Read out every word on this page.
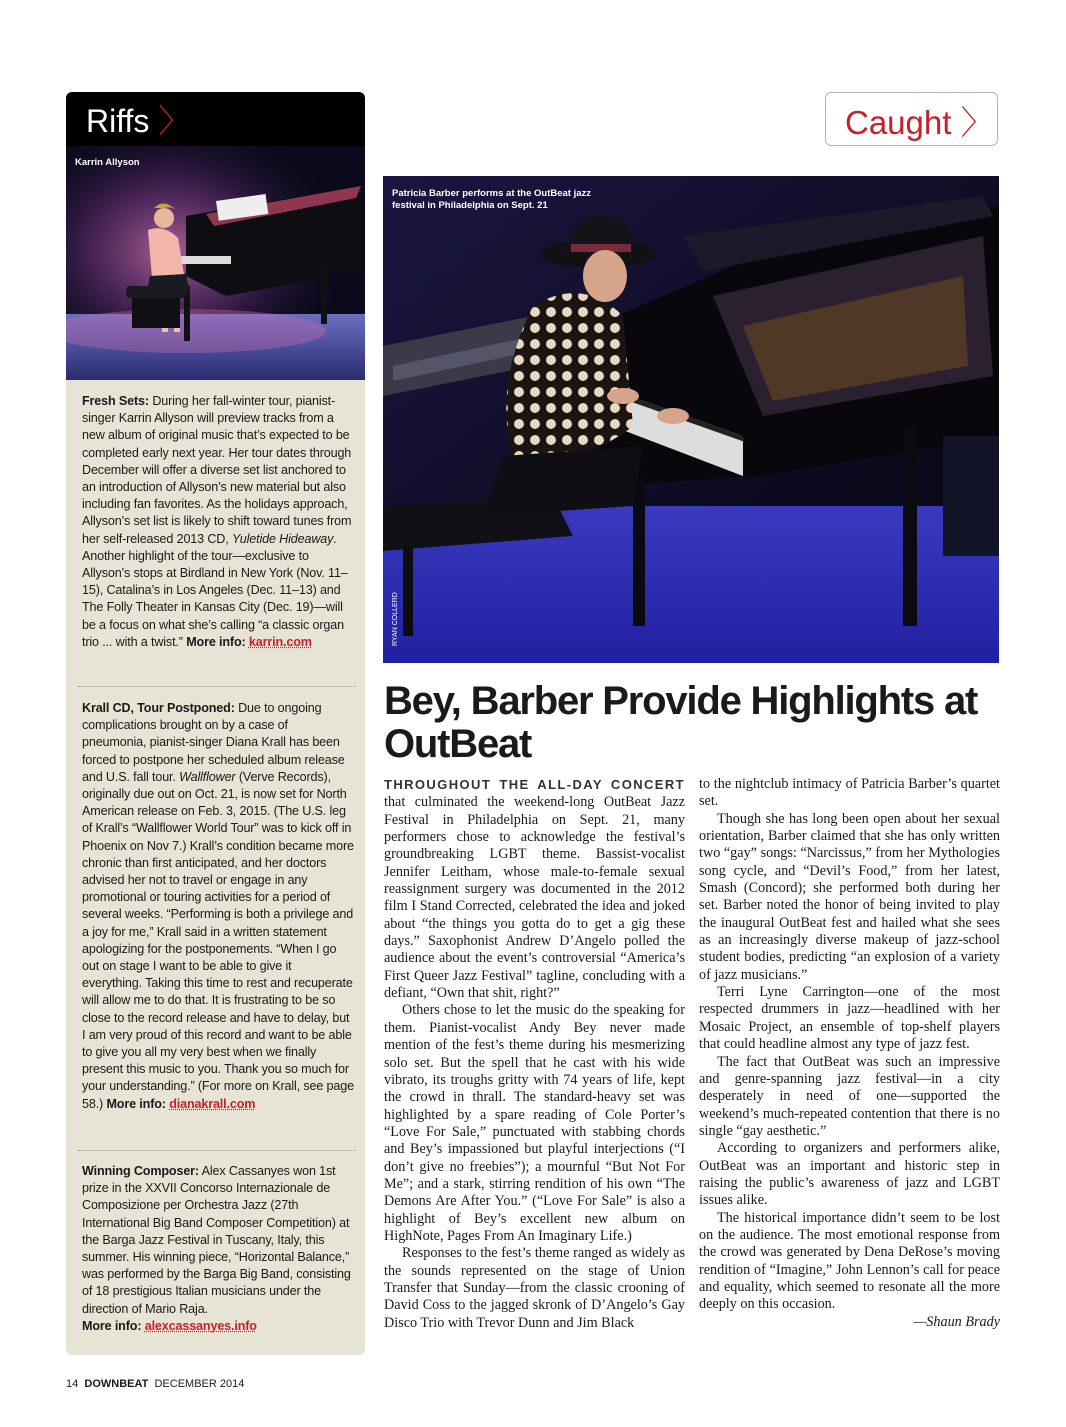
Riffs 〉
Karrin Allyson
Fresh Sets: During her fall-winter tour, pianist-singer Karrin Allyson will preview tracks from a new album of original music that’s expected to be completed early next year. Her tour dates through December will offer a diverse set list anchored to an introduction of Allyson’s new material but also including fan favorites. As the holidays approach, Allyson’s set list is likely to shift toward tunes from her self-released 2013 CD, Yuletide Hideaway. Another highlight of the tour—exclusive to Allyson’s stops at Birdland in New York (Nov. 11–15), Catalina’s in Los Angeles (Dec. 11–13) and The Folly Theater in Kansas City (Dec. 19)—will be a focus on what she’s calling “a classic organ trio ... with a twist.” More info: karrin.com
Krall CD, Tour Postponed: Due to ongoing complications brought on by a case of pneumonia, pianist-singer Diana Krall has been forced to postpone her scheduled album release and U.S. fall tour. Wallflower (Verve Records), originally due out on Oct. 21, is now set for North American release on Feb. 3, 2015. (The U.S. leg of Krall’s “Wallflower World Tour” was to kick off in Phoenix on Nov 7.) Krall’s condition became more chronic than first anticipated, and her doctors advised her not to travel or engage in any promotional or touring activities for a period of several weeks. “Performing is both a privilege and a joy for me,” Krall said in a written statement apologizing for the postponements. “When I go out on stage I want to be able to give it everything. Taking this time to rest and recuperate will allow me to do that. It is frustrating to be so close to the record release and have to delay, but I am very proud of this record and want to be able to give you all my very best when we finally present this music to you. Thank you so much for your understanding.” (For more on Krall, see page 58.) More info: dianakrall.com
Winning Composer: Alex Cassanyes won 1st prize in the XXVII Concorso Internazionale de Composizione per Orchestra Jazz (27th International Big Band Composer Competition) at the Barga Jazz Festival in Tuscany, Italy, this summer. His winning piece, “Horizontal Balance,” was performed by the Barga Big Band, consisting of 18 prestigious Italian musicians under the direction of Mario Raja.
More info: alexcassanyes.info
Caught 〉
Patricia Barber performs at the OutBeat jazz festival in Philadelphia on Sept. 21
RYAN COLLERD
Bey, Barber Provide Highlights at OutBeat

THROUGHOUT THE ALL-DAY CONCERT that culminated the weekend-long OutBeat Jazz Festival in Philadelphia on Sept. 21, many performers chose to acknowledge the festival’s groundbreaking LGBT theme. Bassist-vocalist Jennifer Leitham, whose male-to-female sexual reassignment surgery was documented in the 2012 film I Stand Corrected, celebrated the idea and joked about “the things you gotta do to get a gig these days.” Saxophonist Andrew D’Angelo polled the audience about the event’s controversial “America’s First Queer Jazz Festival” tagline, concluding with a defiant, “Own that shit, right?”

Others chose to let the music do the speaking for them. Pianist-vocalist Andy Bey never made mention of the fest’s theme during his mesmerizing solo set. But the spell that he cast with his wide vibrato, its troughs gritty with 74 years of life, kept the crowd in thrall. The standard-heavy set was highlighted by a spare reading of Cole Porter’s “Love For Sale,” punctuated with stabbing chords and Bey’s impassioned but playful interjections (“I don’t give no freebies”); a mournful “But Not For Me”; and a stark, stirring rendition of his own “The Demons Are After You.” (“Love For Sale” is also a highlight of Bey’s excellent new album on HighNote, Pages From An Imaginary Life.)

Responses to the fest’s theme ranged as widely as the sounds represented on the stage of Union Transfer that Sunday—from the classic crooning of David Coss to the jagged skronk of D’Angelo’s Gay Disco Trio with Trevor Dunn and Jim Black

to the nightclub intimacy of Patricia Barber’s quartet set.

Though she has long been open about her sexual orientation, Barber claimed that she has only written two “gay” songs: “Narcissus,” from her Mythologies song cycle, and “Devil’s Food,” from her latest, Smash (Concord); she performed both during her set. Barber noted the honor of being invited to play the inaugural OutBeat fest and hailed what she sees as an increasingly diverse makeup of jazz-school student bodies, predicting “an explosion of a variety of jazz musicians.”

Terri Lyne Carrington—one of the most respected drummers in jazz—headlined with her Mosaic Project, an ensemble of top-shelf players that could headline almost any type of jazz fest.

The fact that OutBeat was such an impressive and genre-spanning jazz festival—in a city desperately in need of one—supported the weekend’s much-repeated contention that there is no single “gay aesthetic.”

According to organizers and performers alike, OutBeat was an important and historic step in raising the public’s awareness of jazz and LGBT issues alike.

The historical importance didn’t seem to be lost on the audience. The most emotional response from the crowd was generated by Dena DeRose’s moving rendition of “Imagine,” John Lennon’s call for peace and equality, which seemed to resonate all the more deeply on this occasion.

—Shaun Brady

14 DOWNBEAT DECEMBER 2014
